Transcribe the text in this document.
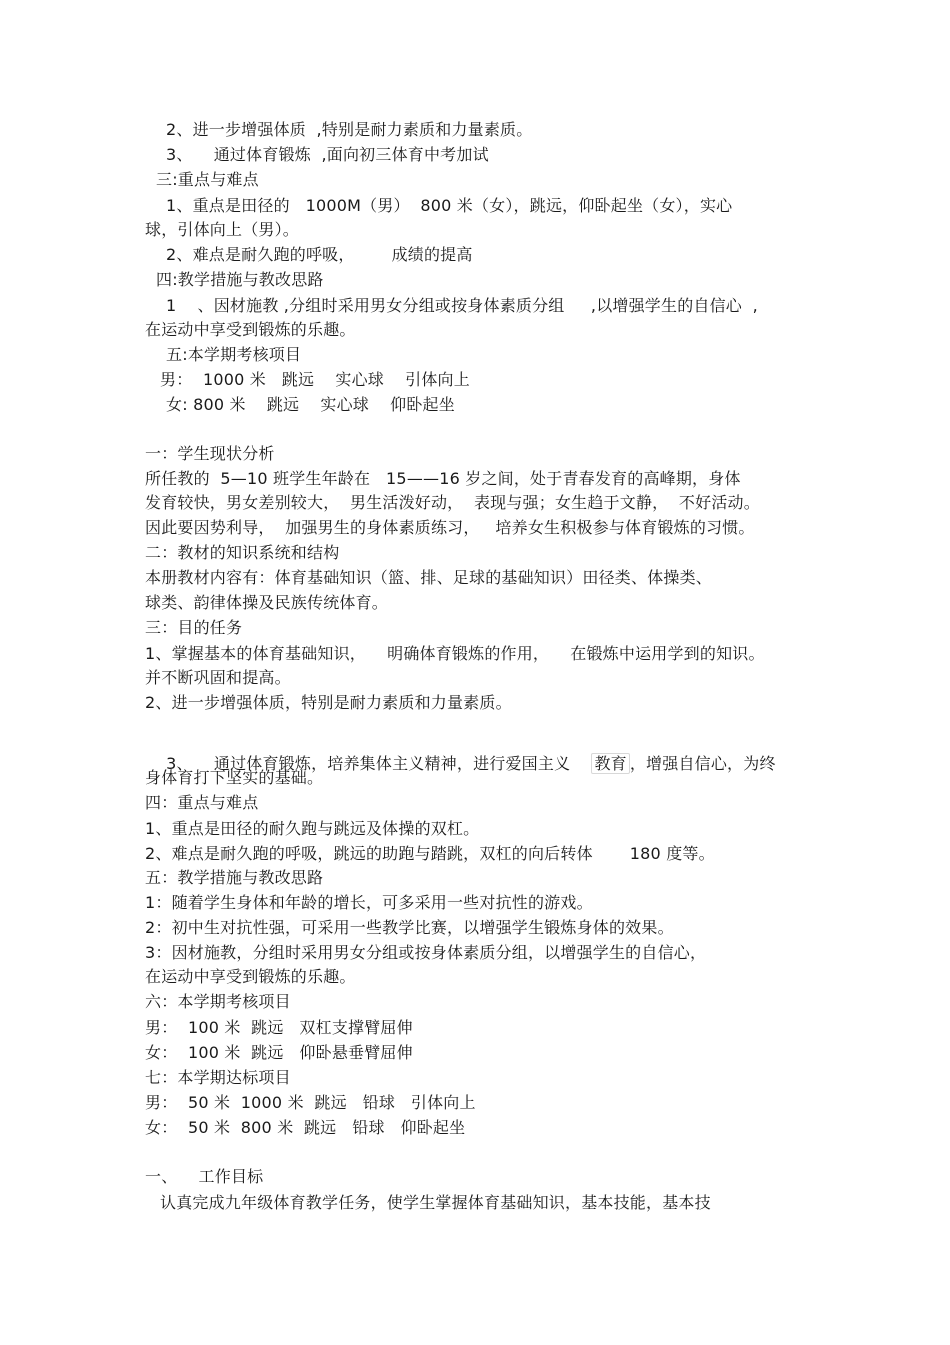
2、进一步增强体质  ,特别是耐力素质和力量素质。
3、    通过体育锻炼  ,面向初三体育中考加试
三:重点与难点
1、重点是田径的   1000M（男）  800 米（女），跳远，仰卧起坐（女），实心
球，引体向上（男）。
2、难点是耐久跑的呼吸，       成绩的提高
四:教学措施与教改思路
1    、因材施教 ,分组时采用男女分组或按身体素质分组     ,以增强学生的自信心  ,
在运动中享受到锻炼的乐趣。
五:本学期考核项目
男：  1000 米   跳远    实心球    引体向上
女: 800 米    跳远    实心球    仰卧起坐
一：学生现状分析
所任教的  5—10 班学生年龄在   15——16 岁之间，处于青春发育的高峰期，身体
发育较快，男女差别较大，  男生活泼好动，  表现与强；女生趋于文静，  不好活动。
因此要因势利导，  加强男生的身体素质练习，   培养女生积极参与体育锻炼的习惯。
二：教材的知识系统和结构
本册教材内容有：体育基础知识（篮、排、足球的基础知识）田径类、体操类、
球类、韵律体操及民族传统体育。
三：目的任务
1、掌握基本的体育基础知识，    明确体育锻炼的作用，    在锻炼中运用学到的知识。
并不断巩固和提高。
2、进一步增强体质，特别是耐力素质和力量素质。

3、    通过体育锻炼，培养集体主义精神，进行爱国主义    教育 ，增强自信心，为终

身体育打下坚实的基础。
四：重点与难点
1、重点是田径的耐久跑与跳远及体操的双杠。
2、难点是耐久跑的呼吸，跳远的助跑与踏跳，双杠的向后转体       180 度等。
五：教学措施与教改思路
1：随着学生身体和年龄的增长，可多采用一些对抗性的游戏。
2：初中生对抗性强，可采用一些教学比赛，以增强学生锻炼身体的效果。
3：因材施教，分组时采用男女分组或按身体素质分组，以增强学生的自信心，
在运动中享受到锻炼的乐趣。
六：本学期考核项目
男：  100 米  跳远   双杠支撑臂屈伸
女：  100 米  跳远   仰卧悬垂臂屈伸
七：本学期达标项目
男：  50 米  1000 米  跳远   铅球   引体向上
女：  50 米  800 米  跳远   铅球   仰卧起坐
一、    工作目标
认真完成九年级体育教学任务，使学生掌握体育基础知识，基本技能，基本技
